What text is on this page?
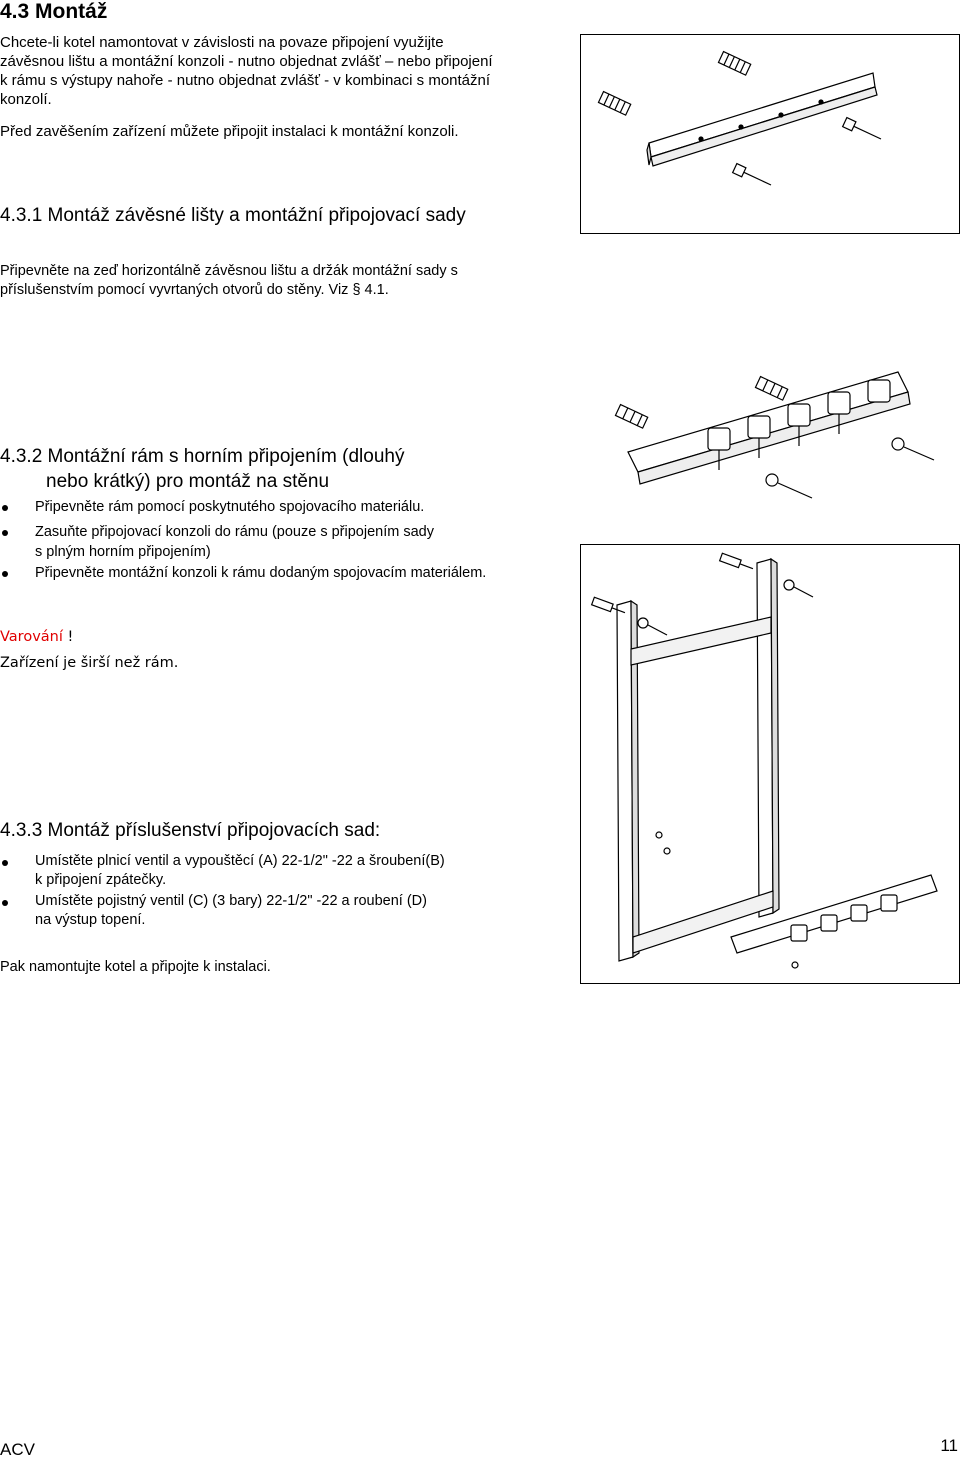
4.3 Montáž
Chcete-li kotel namontovat v závislosti na povaze připojení využijte
závěsnou lištu a montážní konzoli - nutno objednat zvlášť – nebo připojení
k rámu s výstupy nahoře - nutno objednat zvlášť - v kombinaci s montážní
konzolí.
Před zavěšením zařízení můžete připojit instalaci k montážní konzoli.
4.3.1 Montáž závěsné lišty a montážní připojovací sady
Připevněte na zeď horizontálně závěsnou lištu a držák montážní sady s
příslušenstvím pomocí vyvrtaných otvorů do stěny. Viz § 4.1.
4.3.2 Montážní rám s horním připojením (dlouhý
nebo krátký) pro montáž na stěnu
Připevněte rám pomocí poskytnutého spojovacího materiálu.
Zasuňte připojovací konzoli do rámu (pouze s připojením sady
s plným horním připojením)
Připevněte montážní konzoli k rámu dodaným spojovacím materiálem.
Varování !
Zařízení je širší než rám.
4.3.3 Montáž příslušenství připojovacích sad:
Umístěte plnicí ventil a vypouštěcí (A) 22-1/2" -22 a šroubení(B)
k připojení zpátečky.
Umístěte pojistný ventil (C) (3 bary) 22-1/2" -22 a roubení (D)
na výstup topení.
Pak namontujte kotel a připojte k instalaci.
ACV	11
